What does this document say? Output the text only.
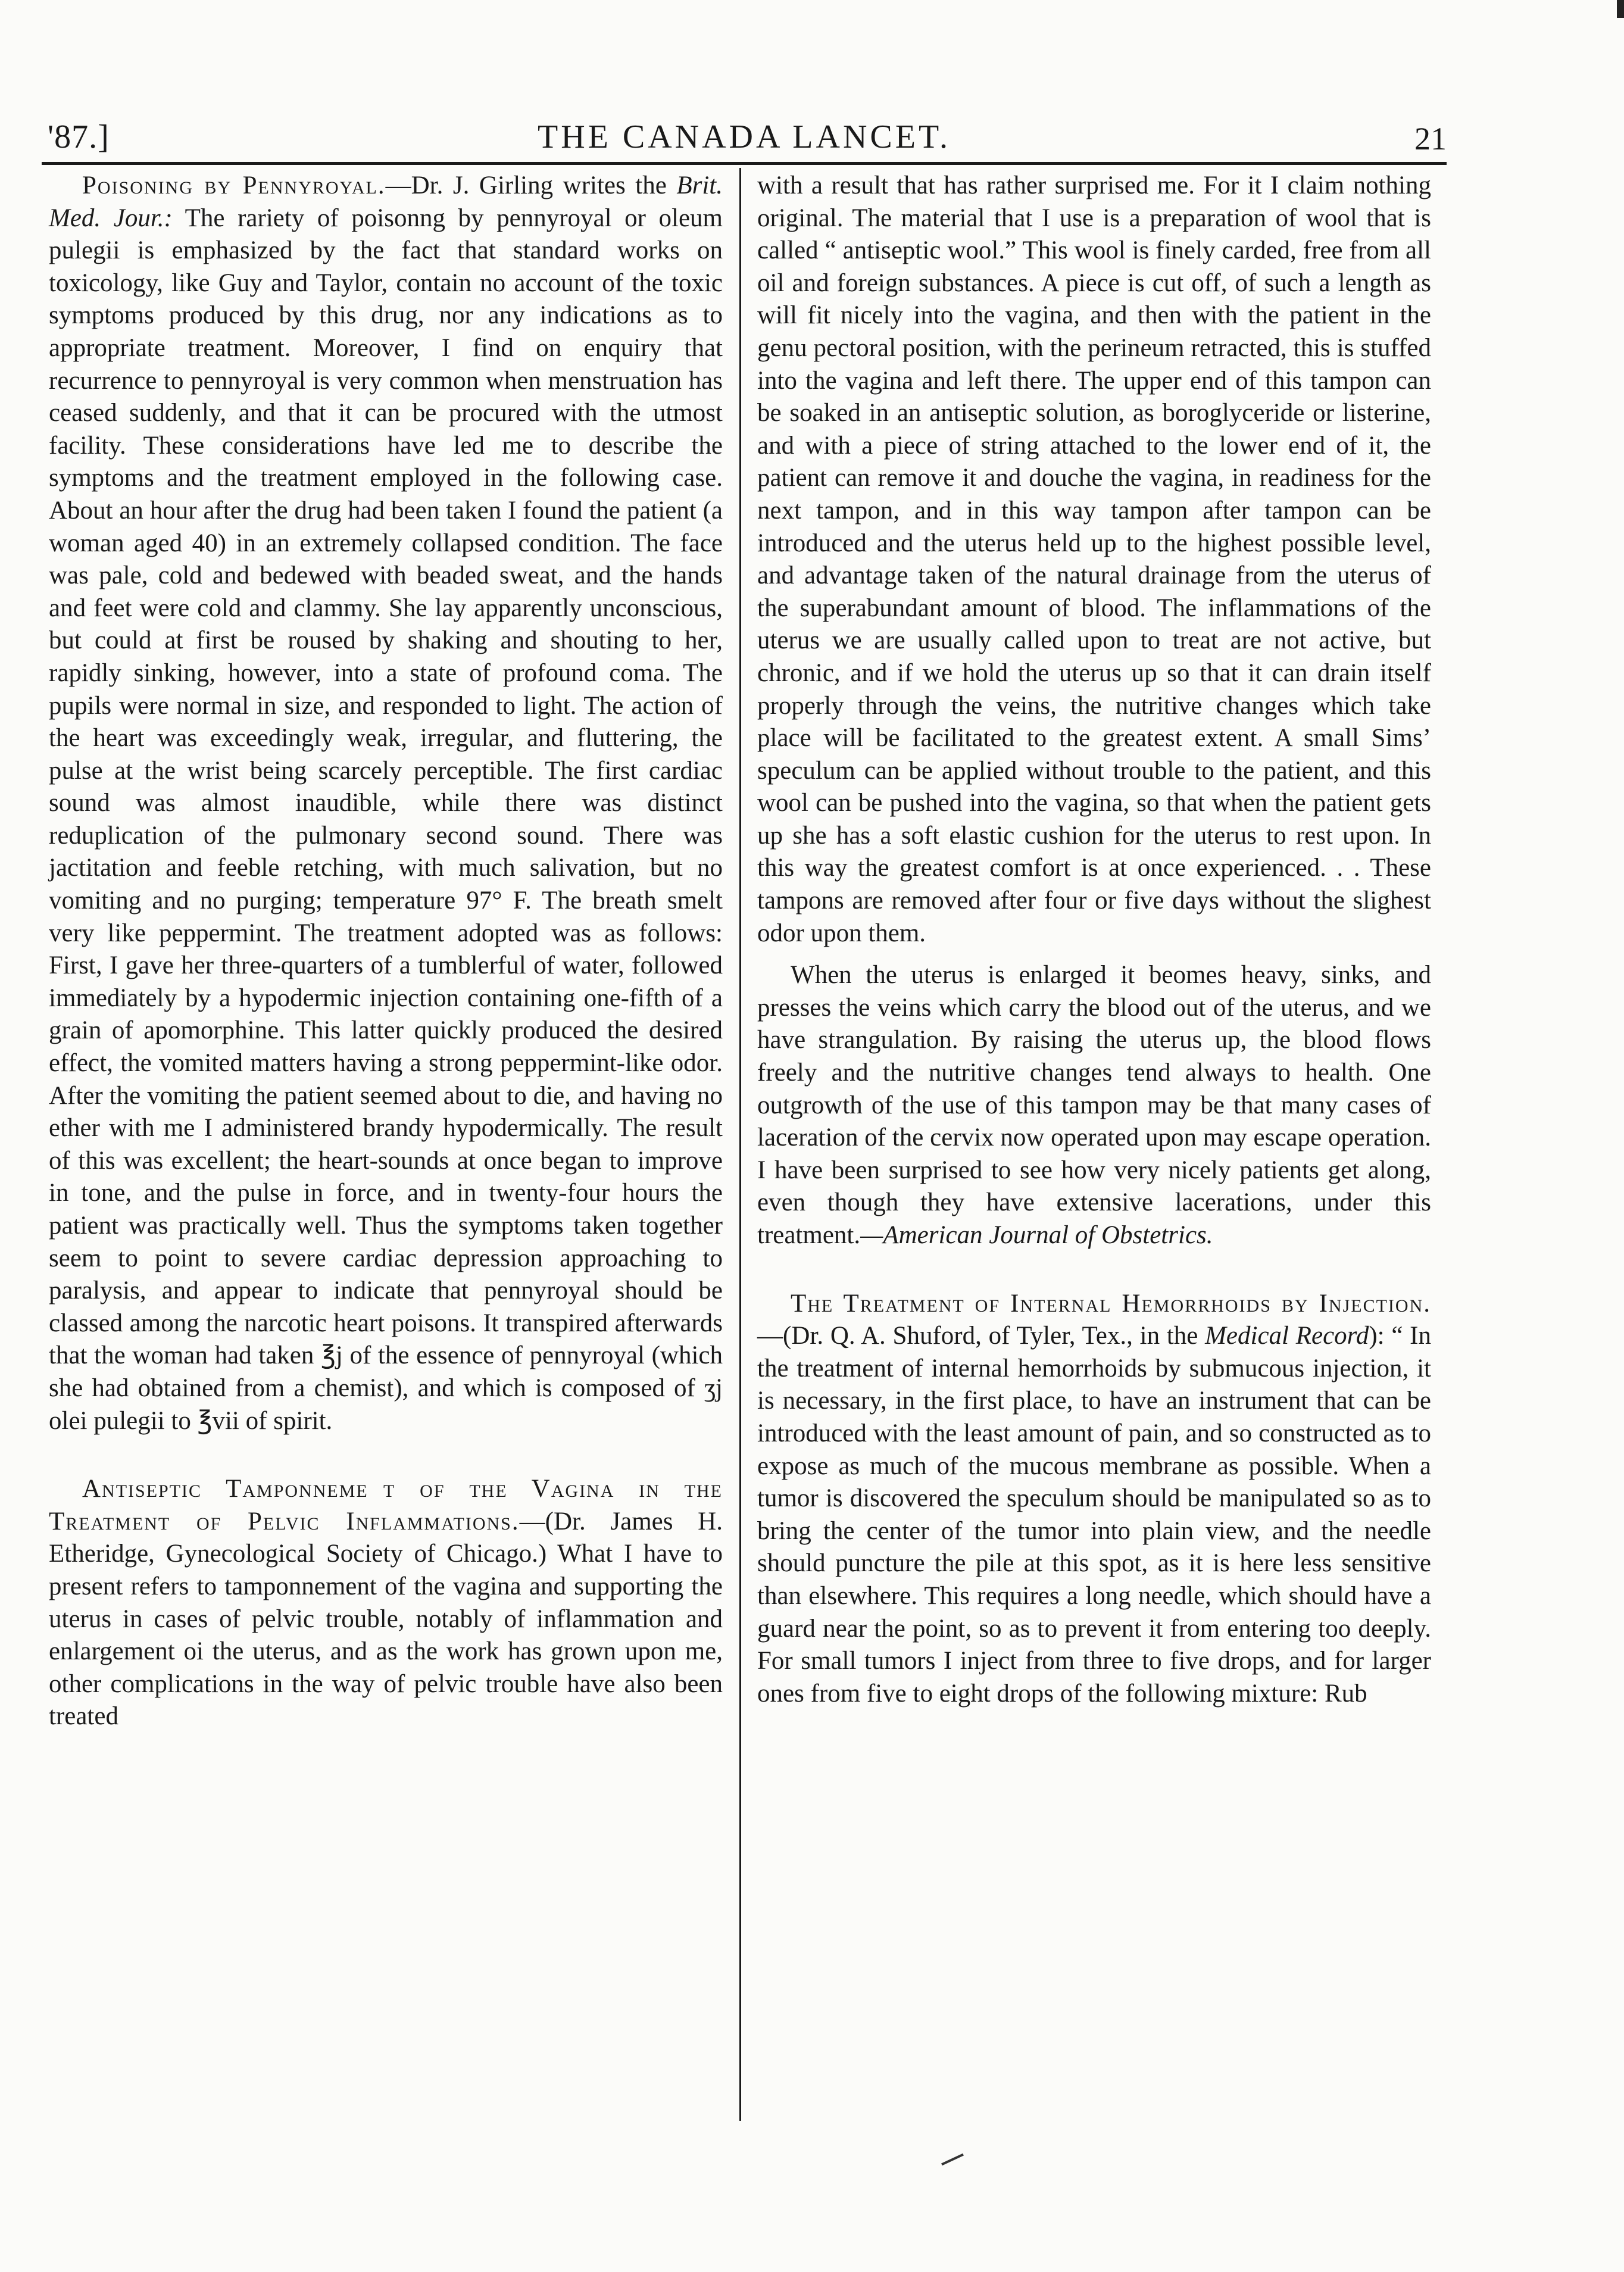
'87.]	THE CANADA LANCET.	21

Poisoning by Pennyroyal.—Dr. J. Girling writes the Brit. Med. Jour.: The rariety of poisonng by pennyroyal or oleum pulegii is emphasized by the fact that standard works on toxicology, like Guy and Taylor, contain no account of the toxic symptoms produced by this drug, nor any indications as to appropriate treatment. Moreover, I find on enquiry that recurrence to pennyroyal is very common when menstruation has ceased suddenly, and that it can be procured with the utmost facility. These considerations have led me to describe the symptoms and the treatment employed in the following case. About an hour after the drug had been taken I found the patient (a woman aged 40) in an extremely collapsed condition. The face was pale, cold and bedewed with beaded sweat, and the hands and feet were cold and clammy. She lay apparently unconscious, but could at first be roused by shaking and shouting to her, rapidly sinking, however, into a state of profound coma. The pupils were normal in size, and responded to light. The action of the heart was exceedingly weak, irregular, and fluttering, the pulse at the wrist being scarcely perceptible. The first cardiac sound was almost inaudible, while there was distinct reduplication of the pulmonary second sound. There was jactitation and feeble retching, with much salivation, but no vomiting and no purging; temperature 97° F. The breath smelt very like peppermint. The treatment adopted was as follows: First, I gave her three-quarters of a tumblerful of water, followed immediately by a hypodermic injection containing one-fifth of a grain of apomorphine. This latter quickly produced the desired effect, the vomited matters having a strong peppermint-like odor. After the vomiting the patient seemed about to die, and having no ether with me I administered brandy hypodermically. The result of this was excellent; the heart-sounds at once began to improve in tone, and the pulse in force, and in twenty-four hours the patient was practically well. Thus the symptoms taken together seem to point to severe cardiac depression approaching to paralysis, and appear to indicate that pennyroyal should be classed among the narcotic heart poisons. It transpired afterwards that the woman had taken ℥j of the essence of pennyroyal (which she had obtained from a chemist), and which is composed of ʒj olei pulegii to ℥vii of spirit.

Antiseptic Tamponnemeɪт of the Vagina in the Treatment of Pelvic Inflammations.—(Dr. James H. Etheridge, Gynecological Society of Chicago.) What I have to present refers to tamponnement of the vagina and supporting the uterus in cases of pelvic trouble, notably of inflammation and enlargement oi the uterus, and as the work has grown upon me, other complications in the way of pelvic trouble have also been treated

with a result that has rather surprised me. For it I claim nothing original. The material that I use is a preparation of wool that is called “ antiseptic wool.” This wool is finely carded, free from all oil and foreign substances. A piece is cut off, of such a length as will fit nicely into the vagina, and then with the patient in the genu pectoral position, with the perineum retracted, this is stuffed into the vagina and left there. The upper end of this tampon can be soaked in an antiseptic solution, as boroglyceride or listerine, and with a piece of string attached to the lower end of it, the patient can remove it and douche the vagina, in readiness for the next tampon, and in this way tampon after tampon can be introduced and the uterus held up to the highest possible level, and advantage taken of the natural drainage from the uterus of the superabundant amount of blood. The inflammations of the uterus we are usually called upon to treat are not active, but chronic, and if we hold the uterus up so that it can drain itself properly through the veins, the nutritive changes which take place will be facilitated to the greatest extent. A small Sims’ speculum can be applied without trouble to the patient, and this wool can be pushed into the vagina, so that when the patient gets up she has a soft elastic cushion for the uterus to rest upon. In this way the greatest comfort is at once experienced. . . These tampons are removed after four or five days without the slighest odor upon them.

When the uterus is enlarged it beomes heavy, sinks, and presses the veins which carry the blood out of the uterus, and we have strangulation. By raising the uterus up, the blood flows freely and the nutritive changes tend always to health. One outgrowth of the use of this tampon may be that many cases of laceration of the cervix now operated upon may escape operation. I have been surprised to see how very nicely patients get along, even though they have extensive lacerations, under this treatment.—American Journal of Obstetrics.

The Treatment of Internal Hemorrhoids by Injection. —(Dr. Q. A. Shuford, of Tyler, Tex., in the Medical Record): “ In the treatment of internal hemorrhoids by submucous injection, it is necessary, in the first place, to have an instrument that can be introduced with the least amount of pain, and so constructed as to expose as much of the mucous membrane as possible. When a tumor is discovered the speculum should be manipulated so as to bring the center of the tumor into plain view, and the needle should puncture the pile at this spot, as it is here less sensitive than elsewhere. This requires a long needle, which should have a guard near the point, so as to prevent it from entering too deeply. For small tumors I inject from three to five drops, and for larger ones from five to eight drops of the following mixture: Rub
